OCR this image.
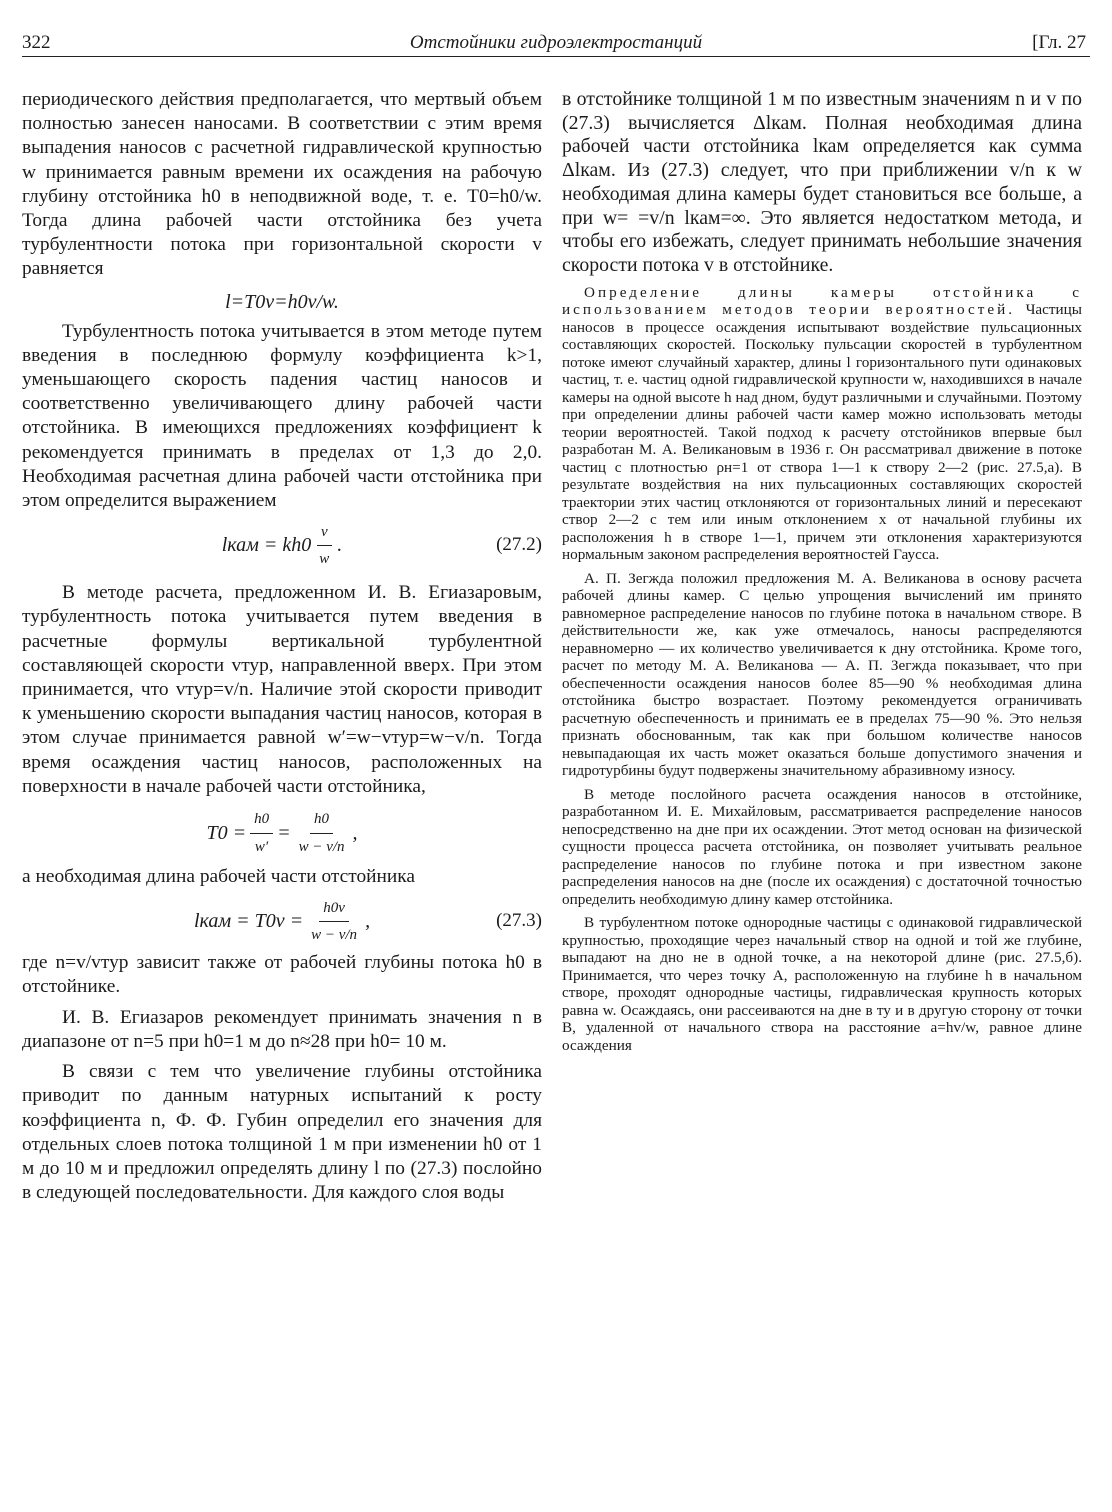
322	Отстойники гидроэлектростанций	[Гл. 27

периодического действия предполагается, что мертвый объем полностью занесен наносами. В соответствии с этим время выпадения наносов с расчетной гидравлической крупностью w принимается равным времени их осаждения на рабочую глубину отстойника h0 в неподвижной воде, т. е. T0=h0/w. Тогда длина рабочей части отстойника без учета турбулентности потока при горизонтальной скорости v равняется

l=T0v=h0v/w.

Турбулентность потока учитывается в этом методе путем введения в последнюю формулу коэффициента k>1, уменьшающего скорость падения частиц наносов и соответственно увеличивающего длину рабочей части отстойника. В имеющихся предложениях коэффициент k рекомендуется принимать в пределах от 1,3 до 2,0. Необходимая расчетная длина рабочей части отстойника при этом определится выражением

lкам = $kh0 \frac{v}{w}$ .	(27.2)

В методе расчета, предложенном И. В. Егиазаровым, турбулентность потока учитывается путем введения в расчетные формулы вертикальной турбулентной составляющей скорости vтур, направленной вверх. При этом принимается, что vтур=v/n. Наличие этой скорости приводит к уменьшению скорости выпадания частиц наносов, которая в этом случае принимается равной w′=w−vтур=w−v/n. Тогда время осаждения частиц наносов, расположенных на поверхности в начале рабочей части отстойника,

$T0 = \frac{h0}{w'} = \frac{h0}{w - v/n}$ ,

а необходимая длина рабочей части отстойника

lкам = $T0v = \frac{h0v}{w - v/n}$ ,	(27.3)

где n=v/vтур зависит также от рабочей глубины потока h0 в отстойнике.

И. В. Егиазаров рекомендует принимать значения n в диапазоне от n=5 при h0=1 м до n≈28 при h0= 10 м.

В связи с тем что увеличение глубины отстойника приводит по данным натурных испытаний к росту коэффициента n, Ф. Ф. Губин определил его значения для отдельных слоев потока толщиной 1 м при изменении h0 от 1 м до 10 м и предложил определять длину l по (27.3) послойно в следующей последовательности. Для каждого слоя воды

в отстойнике толщиной 1 м по известным значениям n и v по (27.3) вычисляется Δlкам. Полная необходимая длина рабочей части отстойника lкам определяется как сумма Δlкам. Из (27.3) следует, что при приближении v/n к w необходимая длина камеры будет становиться все больше, а при w= =v/n lкам=∞. Это является недостатком метода, и чтобы его избежать, следует принимать небольшие значения скорости потока v в отстойнике.

Определение длины камеры отстойника с использованием методов теории вероятностей. Частицы наносов в процессе осаждения испытывают воздействие пульсационных составляющих скоростей. Поскольку пульсации скоростей в турбулентном потоке имеют случайный характер, длины l горизонтального пути одинаковых частиц, т. е. частиц одной гидравлической крупности w, находившихся в начале камеры на одной высоте h над дном, будут различными и случайными. Поэтому при определении длины рабочей части камер можно использовать методы теории вероятностей. Такой подход к расчету отстойников впервые был разработан М. А. Великановым в 1936 г. Он рассматривал движение в потоке частиц с плотностью ρн=1 от створа 1—1 к створу 2—2 (рис. 27.5,а). В результате воздействия на них пульсационных составляющих скоростей траектории этих частиц отклоняются от горизонтальных линий и пересекают створ 2—2 с тем или иным отклонением x от начальной глубины их расположения h в створе 1—1, причем эти отклонения характеризуются нормальным законом распределения вероятностей Гаусса.

А. П. Зегжда положил предложения М. А. Великанова в основу расчета рабочей длины камер. С целью упрощения вычислений им принято равномерное распределение наносов по глубине потока в начальном створе. В действительности же, как уже отмечалось, наносы распределяются неравномерно — их количество увеличивается к дну отстойника. Кроме того, расчет по методу М. А. Великанова — А. П. Зегжда показывает, что при обеспеченности осаждения наносов более 85—90 % необходимая длина отстойника быстро возрастает. Поэтому рекомендуется ограничивать расчетную обеспеченность и принимать ее в пределах 75—90 %. Это нельзя признать обоснованным, так как при большом количестве наносов невыпадающая их часть может оказаться больше допустимого значения и гидротурбины будут подвержены значительному абразивному износу.

В методе послойного расчета осаждения наносов в отстойнике, разработанном И. Е. Михайловым, рассматривается распределение наносов непосредственно на дне при их осаждении. Этот метод основан на физической сущности процесса расчета отстойника, он позволяет учитывать реальное распределение наносов по глубине потока и при известном законе распределения наносов на дне (после их осаждения) с достаточной точностью определить необходимую длину камер отстойника.

В турбулентном потоке однородные частицы с одинаковой гидравлической крупностью, проходящие через начальный створ на одной и той же глубине, выпадают на дно не в одной точке, а на некоторой длине (рис. 27.5,б). Принимается, что через точку A, расположенную на глубине h в начальном створе, проходят однородные частицы, гидравлическая крупность которых равна w. Осаждаясь, они рассеиваются на дне в ту и в другую сторону от точки B, удаленной от начального створа на расстояние a=hv/w, равное длине осаждения
